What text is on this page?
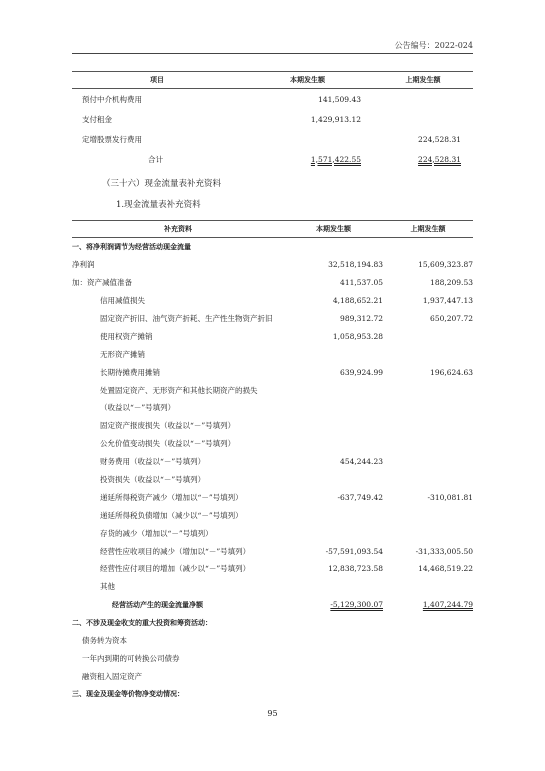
公告编号：2022-024
项目	本期发生额	上期发生额
预付中介机构费用	141,509.43	
支付租金	1,429,913.12	
定增股票发行费用		224,528.31
合计	1,571,422.55	224,528.31
（三十六）现金流量表补充资料
1.现金流量表补充资料
补充资料	本期发生额	上期发生额
一、将净利润调节为经营活动现金流量		
净利润	32,518,194.83	15,609,323.87
加：资产减值准备	411,537.05	188,209.53
信用减值损失	4,188,652.21	1,937,447.13
固定资产折旧、油气资产折耗、生产性生物资产折旧	989,312.72	650,207.72
使用权资产摊销	1,058,953.28	
无形资产摊销		
长期待摊费用摊销	639,924.99	196,624.63
处置固定资产、无形资产和其他长期资产的损失		
（收益以“－”号填列）		
固定资产报废损失（收益以“－”号填列）		
公允价值变动损失（收益以“－”号填列）		
财务费用（收益以“－”号填列）	454,244.23	
投资损失（收益以“－”号填列）		
递延所得税资产减少（增加以“－”号填列）	-637,749.42	-310,081.81
递延所得税负债增加（减少以“－”号填列）		
存货的减少（增加以“－”号填列）		
经营性应收项目的减少（增加以“－”号填列）	-57,591,093.54	-31,333,005.50
经营性应付项目的增加（减少以“－”号填列）	12,838,723.58	14,468,519.22
其他		
经营活动产生的现金流量净额	-5,129,300.07	1,407,244.79
二、不涉及现金收支的重大投资和筹资活动：		
债务转为资本		
一年内到期的可转换公司债券		
融资租入固定资产		
三、现金及现金等价物净变动情况：		
95
